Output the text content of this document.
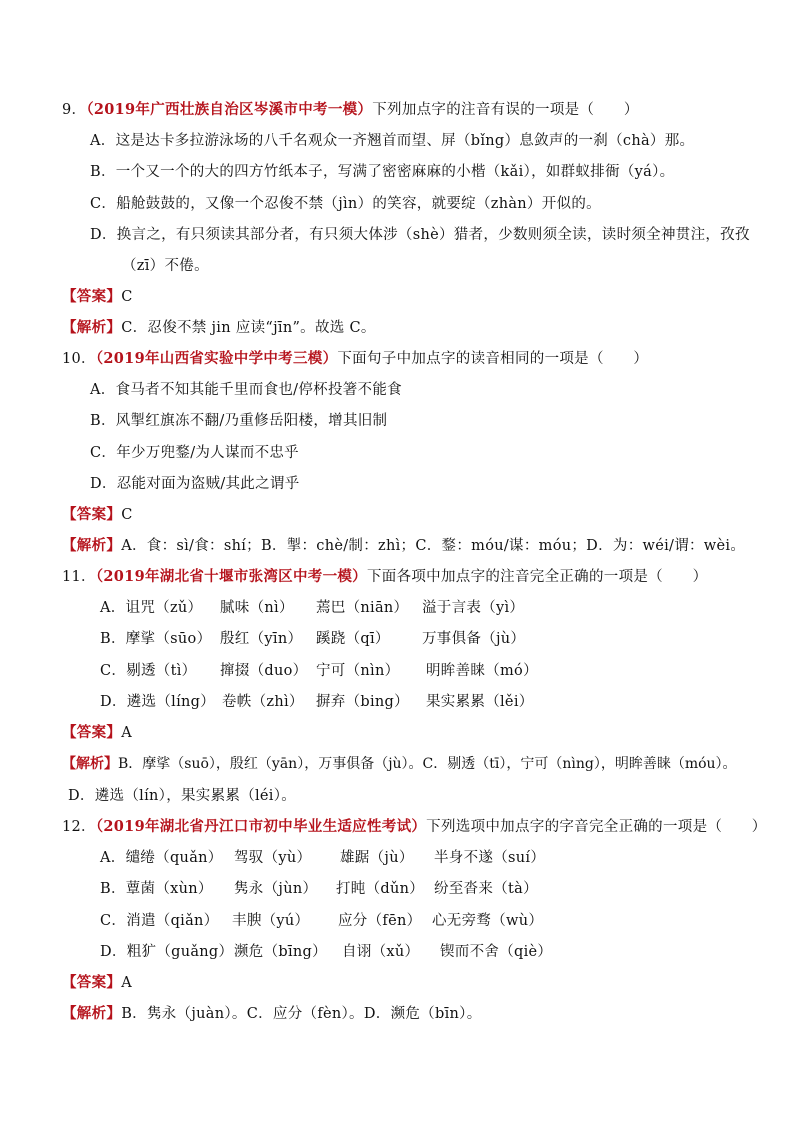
9．（2019年广西壮族自治区岑溪市中考一模）下列加点字的注音有误的一项是（　　）
A．这是达卡多拉游泳场的八千名观众一齐翘首而望、屏（bǐng）息敛声的一刹（chà）那。
B．一个又一个的大的四方竹纸本子，写满了密密麻麻的小楷（kǎi），如群蚁排衙（yá）。
C．船舱鼓鼓的，又像一个忍俊不禁（jìn）的笑容，就要绽（zhàn）开似的。
D．换言之，有只须读其部分者，有只须大体涉（shè）猎者，少数则须全读，读时须全神贯注，孜孜
（zī）不倦。
【答案】C
【解析】C．忍俊不禁 jin 应读“jīn”。故选 C。
10．（2019年山西省实验中学中考三模）下面句子中加点字的读音相同的一项是（　　）
A．食马者不知其能千里而食也/停杯投箸不能食
B．风掣红旗冻不翻/乃重修岳阳楼，增其旧制
C．年少万兜鍪/为人谋而不忠乎
D．忍能对面为盗贼/其此之谓乎
【答案】C
【解析】A．食：sì/食：shí；B．掣：chè/制：zhì；C．鍪：móu/谋：móu；D．为：wéi/谓：wèi。
11．（2019年湖北省十堰市张湾区中考一模）下面各项中加点字的注音完全正确的一项是（　　）
A．诅咒（zǔ） 腻味（nì） 蔫巴（niān） 溢于言表（yì）
B．摩挲（sūo） 殷红（yīn） 蹊跷（qī） 万事俱备（jù）
C．剔透（tì） 撺掇（duo） 宁可（nìn） 明眸善睐（mó）
D．遴选（líng） 卷帙（zhì） 摒弃（bing） 果实累累（lěi）
【答案】A
【解析】B．摩挲（suō），殷红（yān），万事俱备（jù）。C．剔透（tī），宁可（nìng），明眸善睐（móu）。
D．遴选（lín），果实累累（léi）。
12．（2019年湖北省丹江口市初中毕业生适应性考试）下列选项中加点字的字音完全正确的一项是（　　）
A．缱绻（quǎn） 驾驭（yù） 雄踞（jù） 半身不遂（suí）
B．蕈菌（xùn） 隽永（jùn） 打盹（dǔn） 纷至沓来（tà）
C．消遣（qiǎn） 丰腴（yú） 应分（fēn） 心无旁骛（wù）
D．粗犷（guǎng） 濒危（bīng） 自诩（xǔ） 锲而不舍（qiè）
【答案】A
【解析】B．隽永（juàn）。C．应分（fèn）。D．濒危（bīn）。
